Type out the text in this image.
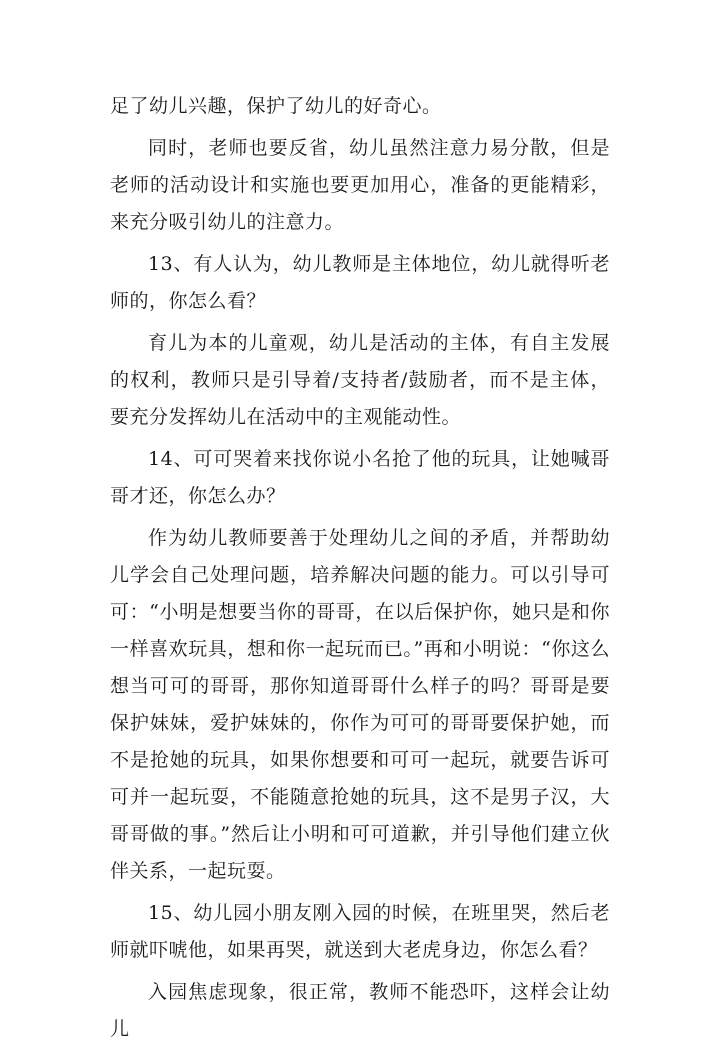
足了幼儿兴趣，保护了幼儿的好奇心。

同时，老师也要反省，幼儿虽然注意力易分散，但是老师的活动设计和实施也要更加用心，准备的更能精彩，来充分吸引幼儿的注意力。

13、有人认为，幼儿教师是主体地位，幼儿就得听老师的，你怎么看？

育儿为本的儿童观，幼儿是活动的主体，有自主发展的权利，教师只是引导着/支持者/鼓励者，而不是主体，要充分发挥幼儿在活动中的主观能动性。

14、可可哭着来找你说小名抢了他的玩具，让她喊哥哥才还，你怎么办？

作为幼儿教师要善于处理幼儿之间的矛盾，并帮助幼儿学会自己处理问题，培养解决问题的能力。可以引导可可：“小明是想要当你的哥哥，在以后保护你，她只是和你一样喜欢玩具，想和你一起玩而已。”再和小明说：“你这么想当可可的哥哥，那你知道哥哥什么样子的吗？哥哥是要保护妹妹，爱护妹妹的，你作为可可的哥哥要保护她，而不是抢她的玩具，如果你想要和可可一起玩，就要告诉可可并一起玩耍，不能随意抢她的玩具，这不是男子汉，大哥哥做的事。”然后让小明和可可道歉，并引导他们建立伙伴关系，一起玩耍。

15、幼儿园小朋友刚入园的时候，在班里哭，然后老师就吓唬他，如果再哭，就送到大老虎身边，你怎么看？

入园焦虑现象，很正常，教师不能恐吓，这样会让幼儿
